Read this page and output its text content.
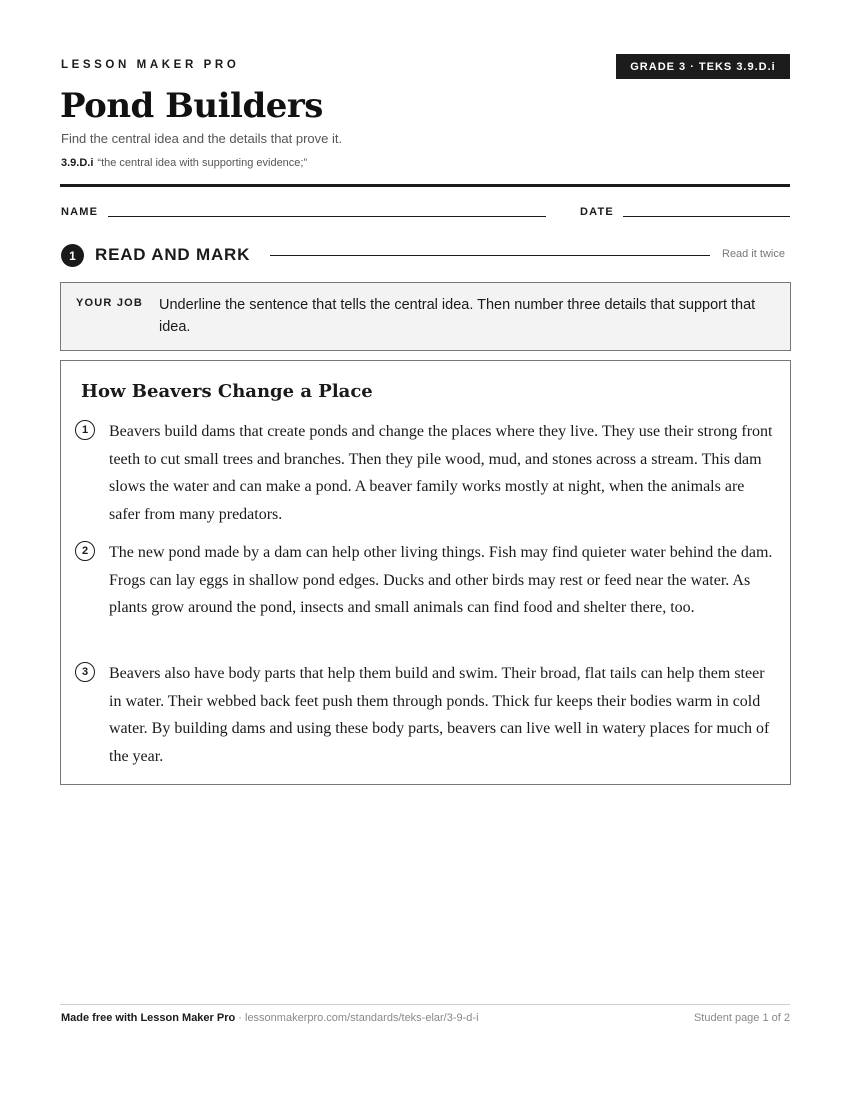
LESSON MAKER PRO	GRADE 3 · TEKS 3.9.D.i
Pond Builders
Find the central idea and the details that prove it.
3.9.D.i “the central idea with supporting evidence;”
NAME	DATE
1	READ AND MARK	Read it twice
YOUR JOB Underline the sentence that tells the central idea. Then number three details that support that idea.
How Beavers Change a Place
1	Beavers build dams that create ponds and change the places where they live. They use their strong front teeth to cut small trees and branches. Then they pile wood, mud, and stones across a stream. This dam slows the water and can make a pond. A beaver family works mostly at night, when the animals are safer from many predators.
2	The new pond made by a dam can help other living things. Fish may find quieter water behind the dam. Frogs can lay eggs in shallow pond edges. Ducks and other birds may rest or feed near the water. As plants grow around the pond, insects and small animals can find food and shelter there, too.
3	Beavers also have body parts that help them build and swim. Their broad, flat tails can help them steer in water. Their webbed back feet push them through ponds. Thick fur keeps their bodies warm in cold water. By building dams and using these body parts, beavers can live well in watery places for much of the year.
Made free with Lesson Maker Pro · lessonmakerpro.com/standards/teks-elar/3-9-d-i	Student page 1 of 2
